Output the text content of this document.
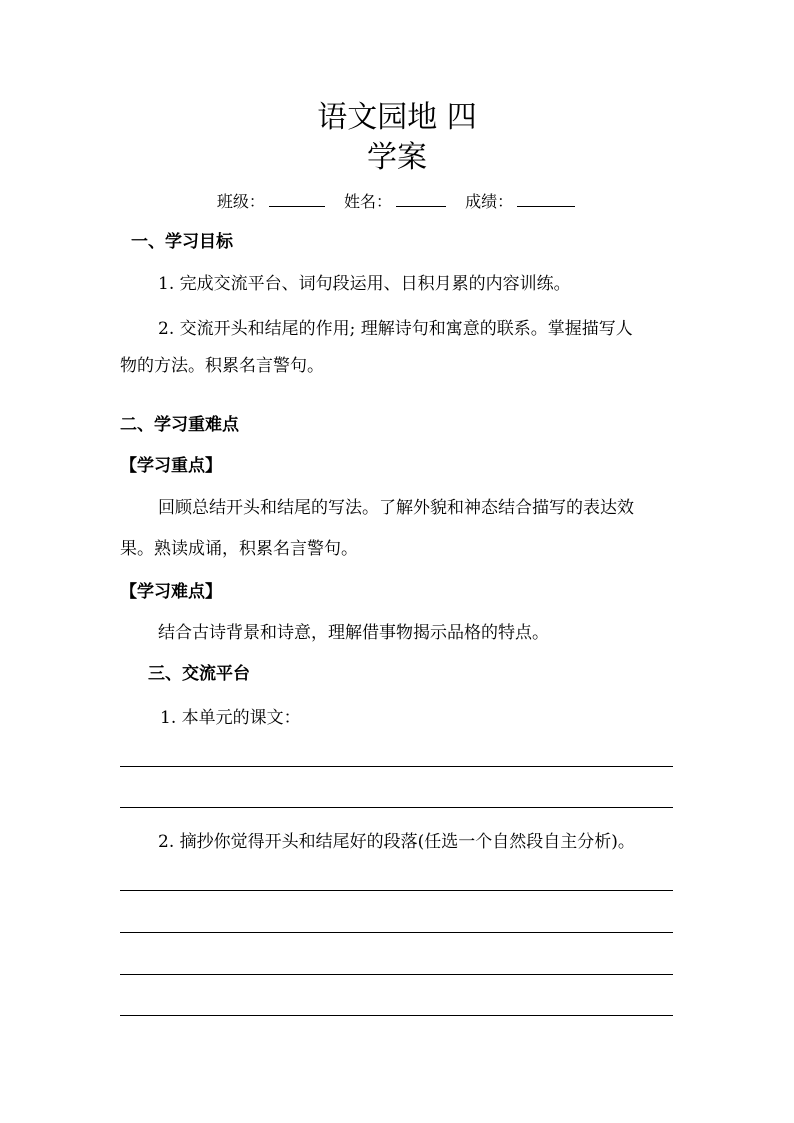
语文园地 四
学案
班级：	姓名：	成绩：
一、学习目标
1. 完成交流平台、词句段运用、日积月累的内容训练。
2. 交流开头和结尾的作用; 理解诗句和寓意的联系。掌握描写人
物的方法。积累名言警句。
二、学习重难点
【学习重点】
回顾总结开头和结尾的写法。了解外貌和神态结合描写的表达效
果。熟读成诵，积累名言警句。
【学习难点】
结合古诗背景和诗意，理解借事物揭示品格的特点。
三、交流平台
1. 本单元的课文：
2. 摘抄你觉得开头和结尾好的段落(任选一个自然段自主分析)。
